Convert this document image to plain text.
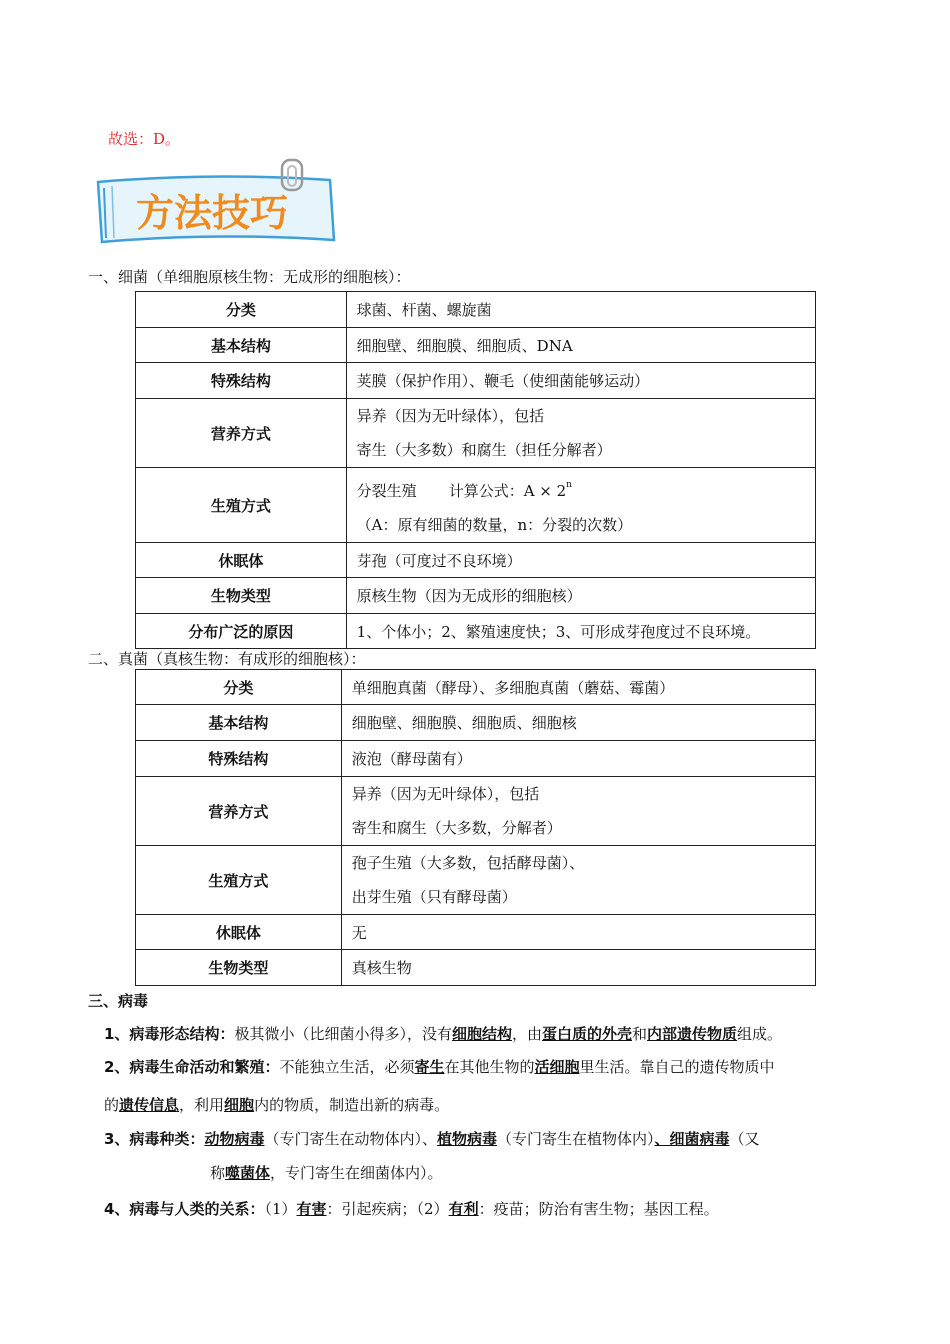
故选：D。
方法技巧
一、细菌（单细胞原核生物：无成形的细胞核）：
分类	球菌、杆菌、螺旋菌
基本结构	细胞壁、细胞膜、细胞质、DNA
特殊结构	荚膜（保护作用）、鞭毛（使细菌能够运动）
营养方式	异养（因为无叶绿体），包括
寄生（大多数）和腐生（担任分解者）

生殖方式	分裂生殖 计算公式：$A \times 2^n$
（A：原有细菌的数量，n：分裂的次数）

休眠体	芽孢（可度过不良环境）
生物类型	原核生物（因为无成形的细胞核）
分布广泛的原因	1、个体小；2、繁殖速度快；3、可形成芽孢度过不良环境。
二、真菌（真核生物：有成形的细胞核）：
分类	单细胞真菌（酵母）、多细胞真菌（蘑菇、霉菌）
基本结构	细胞壁、细胞膜、细胞质、细胞核
特殊结构	液泡（酵母菌有）
营养方式	异养（因为无叶绿体），包括
寄生和腐生（大多数，分解者）

生殖方式	孢子生殖（大多数，包括酵母菌）、
出芽生殖（只有酵母菌）

休眠体	无
生物类型	真核生物
三、病毒
1、病毒形态结构：极其微小（比细菌小得多），没有细胞结构，由蛋白质的外壳和内部遗传物质组成。
2、病毒生命活动和繁殖：不能独立生活，必须寄生在其他生物的活细胞里生活。靠自己的遗传物质中
的遗传信息，利用细胞内的物质，制造出新的病毒。
3、病毒种类：动物病毒（专门寄生在动物体内）、植物病毒（专门寄生在植物体内）、细菌病毒（又
称噬菌体，专门寄生在细菌体内）。
4、病毒与人类的关系：（1）有害：引起疾病；（2）有利：疫苗；防治有害生物；基因工程。
